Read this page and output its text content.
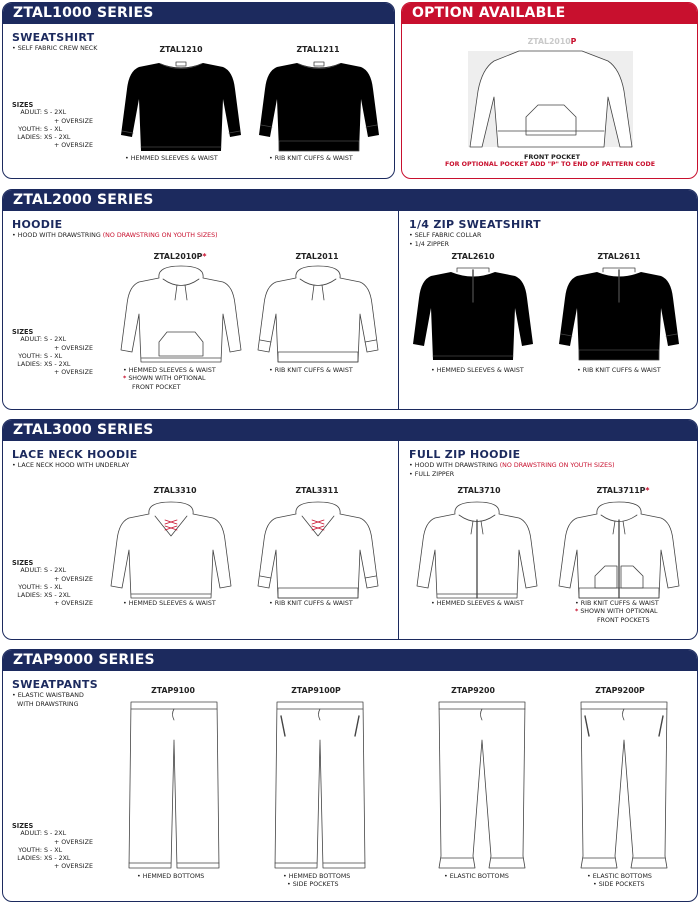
ZTAL1000 SERIES
SWEATSHIRT
• SELF FABRIC CREW NECK
SIZES
ADULT: S - 2XL
+ OVERSIZE
YOUTH: S - XL
LADIES: XS - 2XL
+ OVERSIZE
ZTAL1210
• HEMMED SLEEVES & WAIST
ZTAL1211
• RIB KNIT CUFFS & WAIST
OPTION AVAILABLE
ZTAL2010P
FRONT POCKET
FOR OPTIONAL POCKET ADD "P" TO END OF PATTERN CODE
ZTAL2000 SERIES
HOODIE
• HOOD WITH DRAWSTRING (NO DRAWSTRING ON YOUTH SIZES)
SIZES
ADULT: S - 2XL
+ OVERSIZE
YOUTH: S - XL
LADIES: XS - 2XL
+ OVERSIZE
ZTAL2010P*
• HEMMED SLEEVES & WAIST
* SHOWN WITH OPTIONAL
FRONT POCKET
ZTAL2011
• RIB KNIT CUFFS & WAIST
1/4 ZIP SWEATSHIRT
• SELF FABRIC COLLAR
• 1/4 ZIPPER
ZTAL2610
• HEMMED SLEEVES & WAIST
ZTAL2611
• RIB KNIT CUFFS & WAIST
ZTAL3000 SERIES
LACE NECK HOODIE
• LACE NECK HOOD WITH UNDERLAY
SIZES
ADULT: S - 2XL
+ OVERSIZE
YOUTH: S - XL
LADIES: XS - 2XL
+ OVERSIZE
ZTAL3310
• HEMMED SLEEVES & WAIST
ZTAL3311
• RIB KNIT CUFFS & WAIST
FULL ZIP HOODIE
• HOOD WITH DRAWSTRING (NO DRAWSTRING ON YOUTH SIZES)
• FULL ZIPPER
ZTAL3710
• HEMMED SLEEVES & WAIST
ZTAL3711P*
• RIB KNIT CUFFS & WAIST
* SHOWN WITH OPTIONAL
FRONT POCKETS
ZTAP9000 SERIES
SWEATPANTS
• ELASTIC WAISTBAND
WITH DRAWSTRING
SIZES
ADULT: S - 2XL
+ OVERSIZE
YOUTH: S - XL
LADIES: XS - 2XL
+ OVERSIZE
ZTAP9100
• HEMMED BOTTOMS
ZTAP9100P
• HEMMED BOTTOMS
• SIDE POCKETS
ZTAP9200
• ELASTIC BOTTOMS
ZTAP9200P
• ELASTIC BOTTOMS
• SIDE POCKETS
